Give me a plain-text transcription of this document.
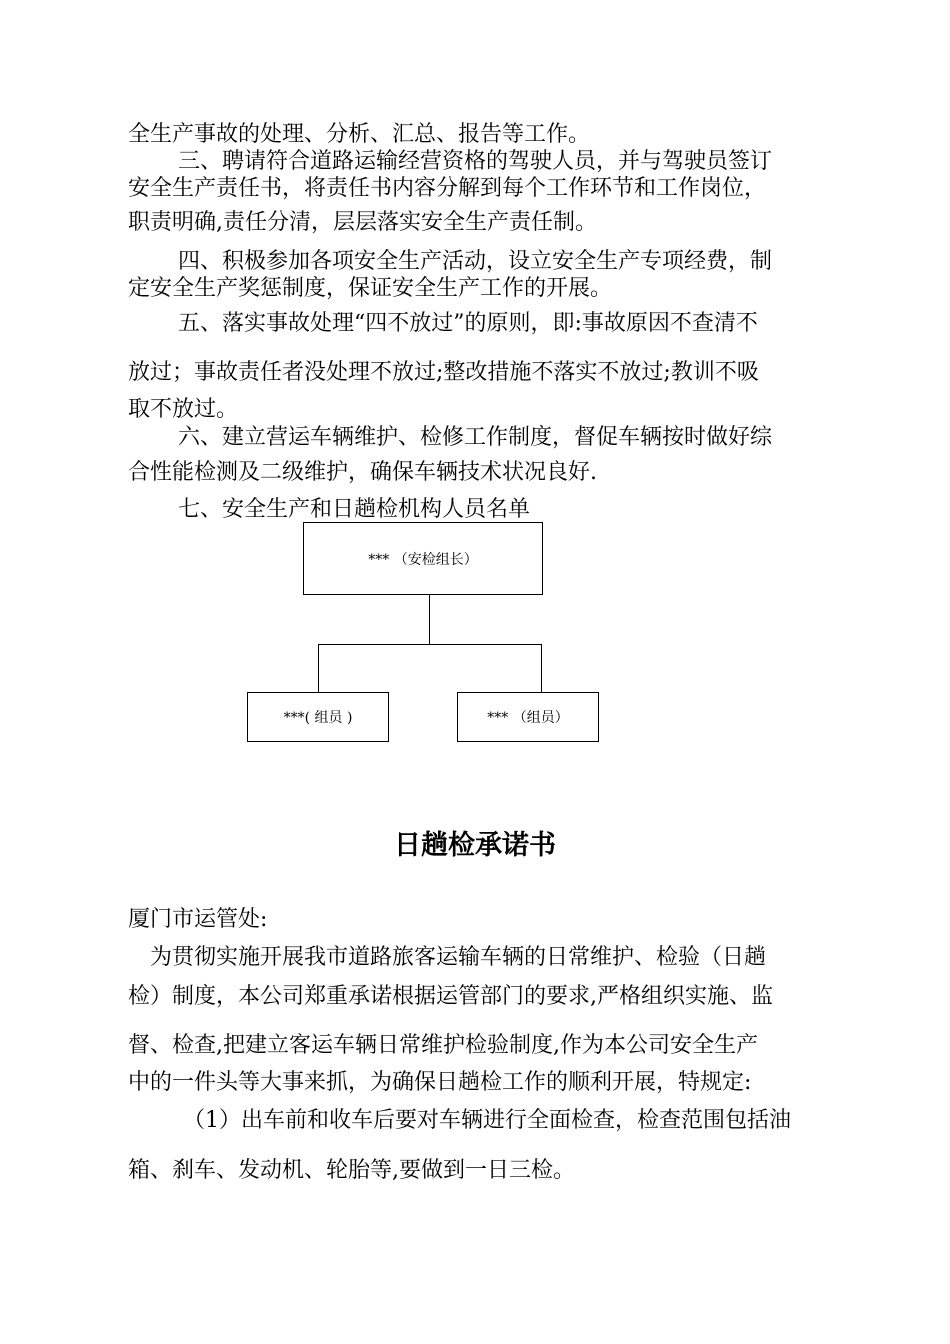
全生产事故的处理、分析、汇总、报告等工作。
三、聘请符合道路运输经营资格的驾驶人员，并与驾驶员签订
安全生产责任书，将责任书内容分解到每个工作环节和工作岗位，
职责明确,责任分清，层层落实安全生产责任制。
四、积极参加各项安全生产活动，设立安全生产专项经费，制
定安全生产奖惩制度，保证安全生产工作的开展。
五、落实事故处理“四不放过”的原则，即:事故原因不查清不
放过；事故责任者没处理不放过;整改措施不落实不放过;教训不吸
取不放过。
六、建立营运车辆维护、检修工作制度，督促车辆按时做好综
合性能检测及二级维护，确保车辆技术状况良好.
七、安全生产和日趟检机构人员名单
*** （安检组长）
***( 组员 )	*** （组员）
日趟检承诺书
厦门市运管处:
为贯彻实施开展我市道路旅客运输车辆的日常维护、检验（日趟
检）制度，本公司郑重承诺根据运管部门的要求,严格组织实施、监
督、检查,把建立客运车辆日常维护检验制度,作为本公司安全生产
中的一件头等大事来抓，为确保日趟检工作的顺利开展，特规定:
（1）出车前和收车后要对车辆进行全面检查，检查范围包括油
箱、刹车、发动机、轮胎等,要做到一日三检。
